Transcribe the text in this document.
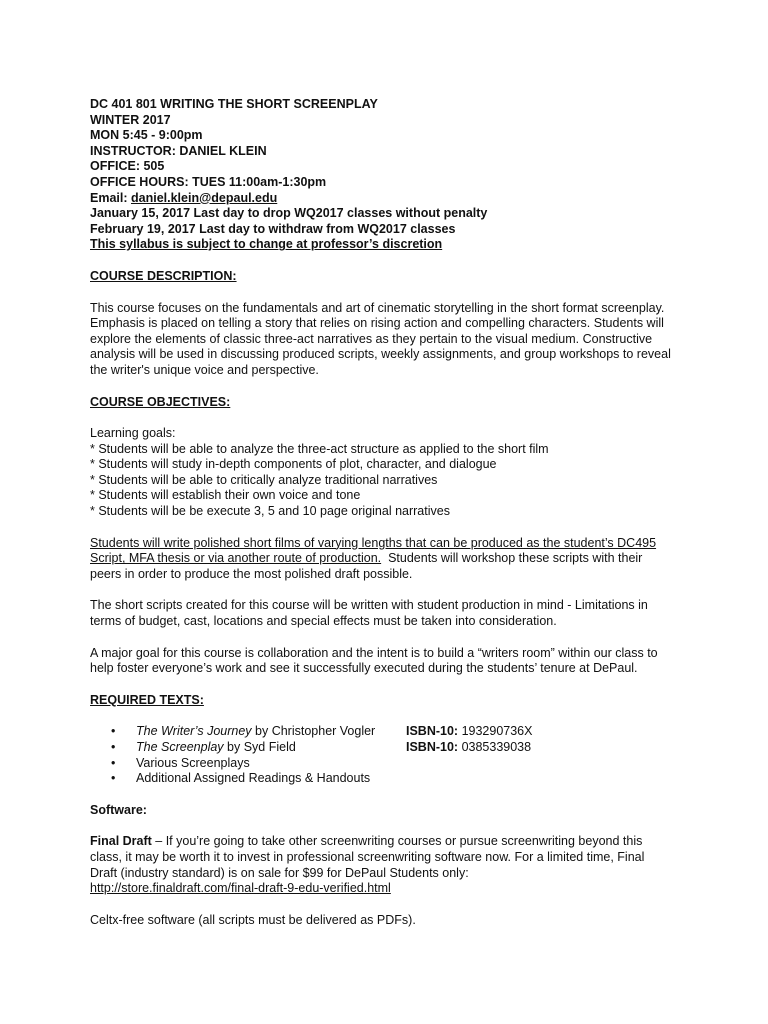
DC 401 801 WRITING THE SHORT SCREENPLAY
WINTER 2017
MON 5:45 - 9:00pm
INSTRUCTOR: DANIEL KLEIN
OFFICE: 505
OFFICE HOURS: TUES 11:00am-1:30pm
Email: daniel.klein@depaul.edu
January 15, 2017 Last day to drop WQ2017 classes without penalty
February 19, 2017 Last day to withdraw from WQ2017 classes
This syllabus is subject to change at professor’s discretion
COURSE DESCRIPTION:

This course focuses on the fundamentals and art of cinematic storytelling in the short format screenplay.
Emphasis is placed on telling a story that relies on rising action and compelling characters. Students will
explore the elements of classic three-act narratives as they pertain to the visual medium. Constructive
analysis will be used in discussing produced scripts, weekly assignments, and group workshops to reveal
the writer's unique voice and perspective.

COURSE OBJECTIVES:

Learning goals:
* Students will be able to analyze the three-act structure as applied to the short film
* Students will study in-depth components of plot, character, and dialogue
* Students will be able to critically analyze traditional narratives
* Students will establish their own voice and tone
* Students will be be execute 3, 5 and 10 page original narratives

Students will write polished short films of varying lengths that can be produced as the student’s DC495
Script, MFA thesis or via another route of production.  Students will workshop these scripts with their
peers in order to produce the most polished draft possible.

The short scripts created for this course will be written with student production in mind - Limitations in
terms of budget, cast, locations and special effects must be taken into consideration.

A major goal for this course is collaboration and the intent is to build a “writers room” within our class to
help foster everyone’s work and see it successfully executed during the students’ tenure at DePaul.

REQUIRED TEXTS:
• The Writer’s Journey by Christopher Vogler ISBN-10: 193290736X
• The Screenplay by Syd Field	ISBN-10: 0385339038
• Various Screenplays
• Additional Assigned Readings & Handouts
Software:

Final Draft – If you’re going to take other screenwriting courses or pursue screenwriting beyond this
class, it may be worth it to invest in professional screenwriting software now. For a limited time, Final
Draft (industry standard) is on sale for $99 for DePaul Students only:
http://store.finaldraft.com/final-draft-9-edu-verified.html

Celtx-free software (all scripts must be delivered as PDFs).
